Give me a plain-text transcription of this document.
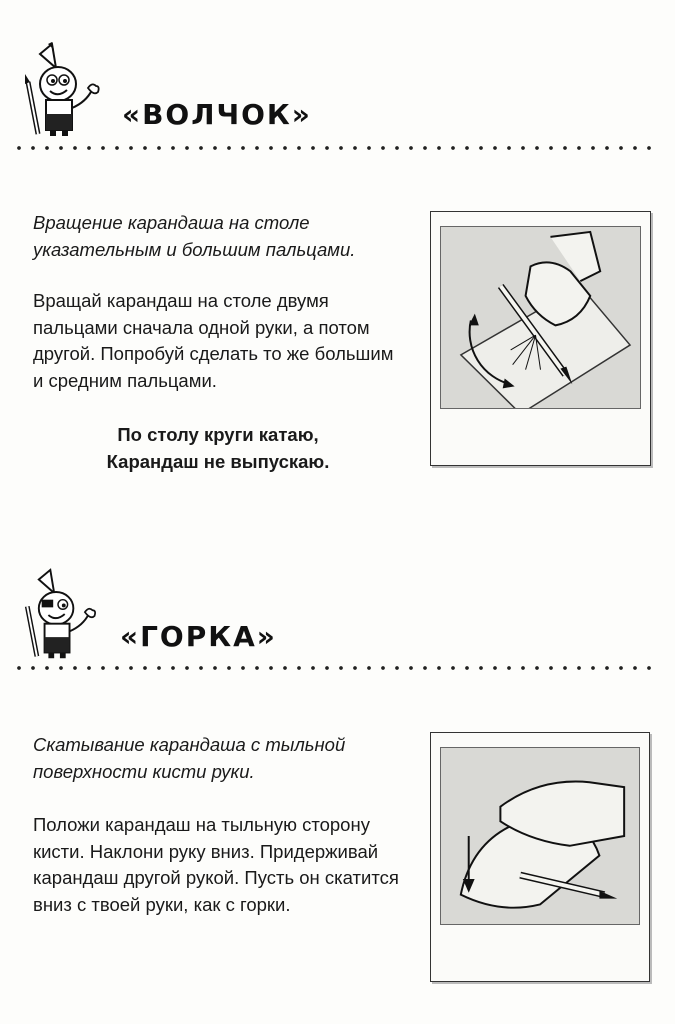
«ВОЛЧОК»
Вращение карандаша на столе указательным и большим пальцами.
Вращай карандаш на столе двумя пальцами сначала одной руки, а потом другой. Попробуй сделать то же большим и средним пальцами.
По столу круги катаю,
Карандаш не выпускаю.
«ГОРКА»
Скатывание карандаша с тыльной поверхности кисти руки.
Положи карандаш на тыльную сторону кисти. Наклони руку вниз. Придерживай карандаш другой рукой. Пусть он скатится вниз с твоей руки, как с горки.
